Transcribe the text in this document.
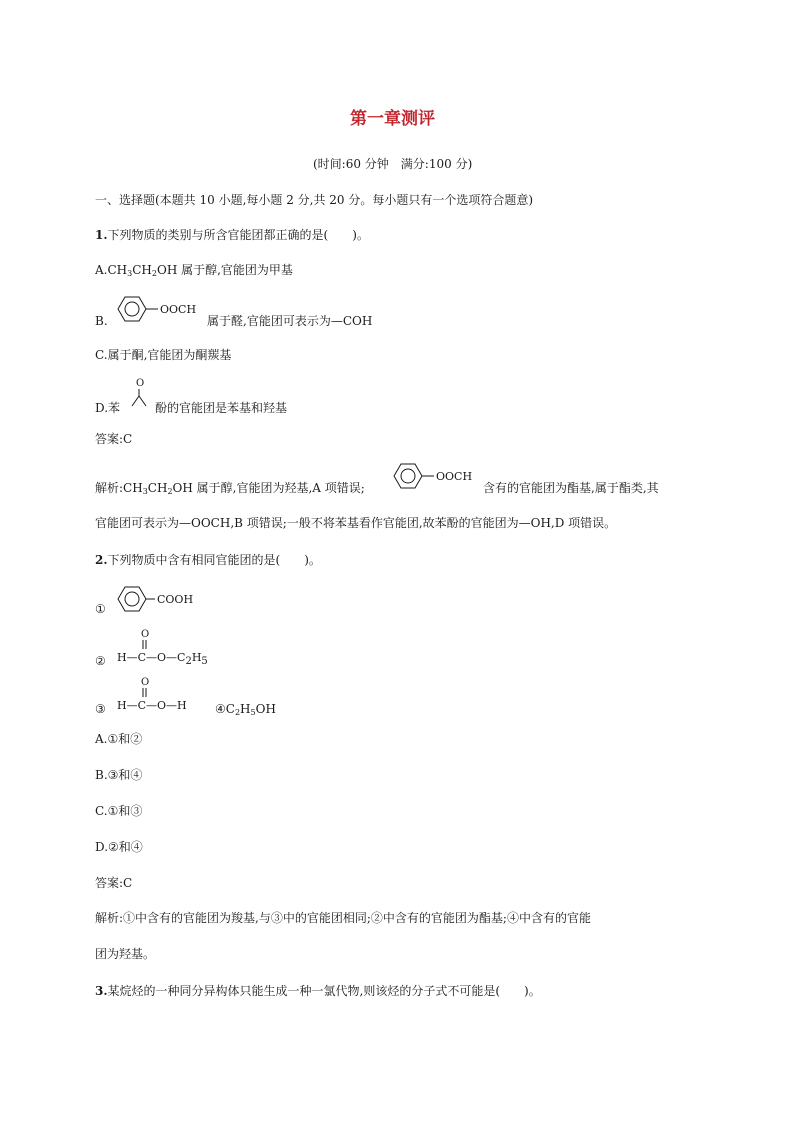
第一章测评
(时间:60 分钟　满分:100 分)
一、选择题(本题共 10 小题,每小题 2 分,共 20 分。每小题只有一个选项符合题意)
1.下列物质的类别与所含官能团都正确的是(　　)。
$A.CH_3CH_2OH$ 属于醇,官能团为甲基
B.
OOCH
属于醛,官能团可表示为—COH
C.属于酮,官能团为酮羰基
D.苯
O
酚的官能团是苯基和羟基
答案:C
解析$:CH_3CH_2OH$ 属于醇,官能团为羟基,A 项错误;
OOCH
含有的官能团为酯基,属于酯类,其
官能团可表示为—OOCH,B 项错误;一般不将苯基看作官能团,故苯酚的官能团为—OH,D 项错误。
2.下列物质中含有相同官能团的是(　　)。
①
COOH
②
O
H—C—O—C2H5
③
O
H—C—O—H $④C_2H_5OH$
A.①和②
B.③和④
C.①和③
D.②和④
答案:C
解析:①中含有的官能团为羧基,与③中的官能团相同;②中含有的官能团为酯基;④中含有的官能
团为羟基。
3.某烷烃的一种同分异构体只能生成一种一氯代物,则该烃的分子式不可能是(　　)。
